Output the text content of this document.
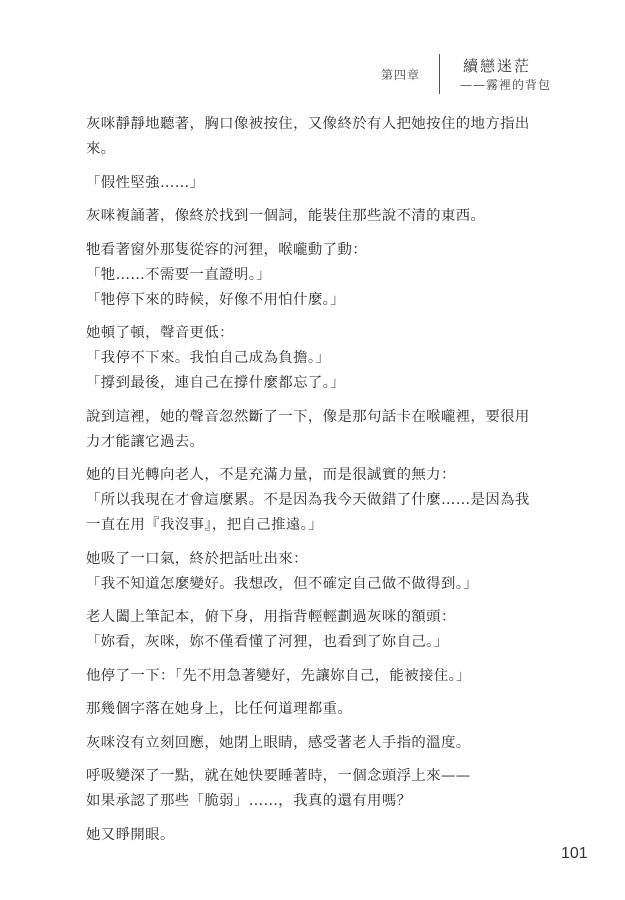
第四章	續戀迷茫
——霧裡的背包

灰咪靜靜地聽著，胸口像被按住，又像終於有人把她按住的地方指出
來。

「假性堅強……」

灰咪複誦著，像終於找到一個詞，能裝住那些說不清的東西。

牠看著窗外那隻從容的河狸，喉嚨動了動：
「牠……不需要一直證明。」
「牠停下來的時候，好像不用怕什麼。」

她頓了頓，聲音更低：
「我停不下來。我怕自己成為負擔。」
「撐到最後，連自己在撐什麼都忘了。」

說到這裡，她的聲音忽然斷了一下，像是那句話卡在喉嚨裡，要很用
力才能讓它過去。

她的目光轉向老人，不是充滿力量，而是很誠實的無力：
「所以我現在才會這麼累。不是因為我今天做錯了什麼……是因為我
一直在用『我沒事』，把自己推遠。」

她吸了一口氣，終於把話吐出來：
「我不知道怎麼變好。我想改，但不確定自己做不做得到。」

老人闔上筆記本，俯下身，用指背輕輕劃過灰咪的額頭：
「妳看，灰咪，妳不僅看懂了河狸，也看到了妳自己。」

他停了一下：「先不用急著變好，先讓妳自己，能被接住。」

那幾個字落在她身上，比任何道理都重。

灰咪沒有立刻回應，她閉上眼睛，感受著老人手指的溫度。

呼吸變深了一點，就在她快要睡著時，一個念頭浮上來——
如果承認了那些「脆弱」……，我真的還有用嗎？

她又睜開眼。

101
